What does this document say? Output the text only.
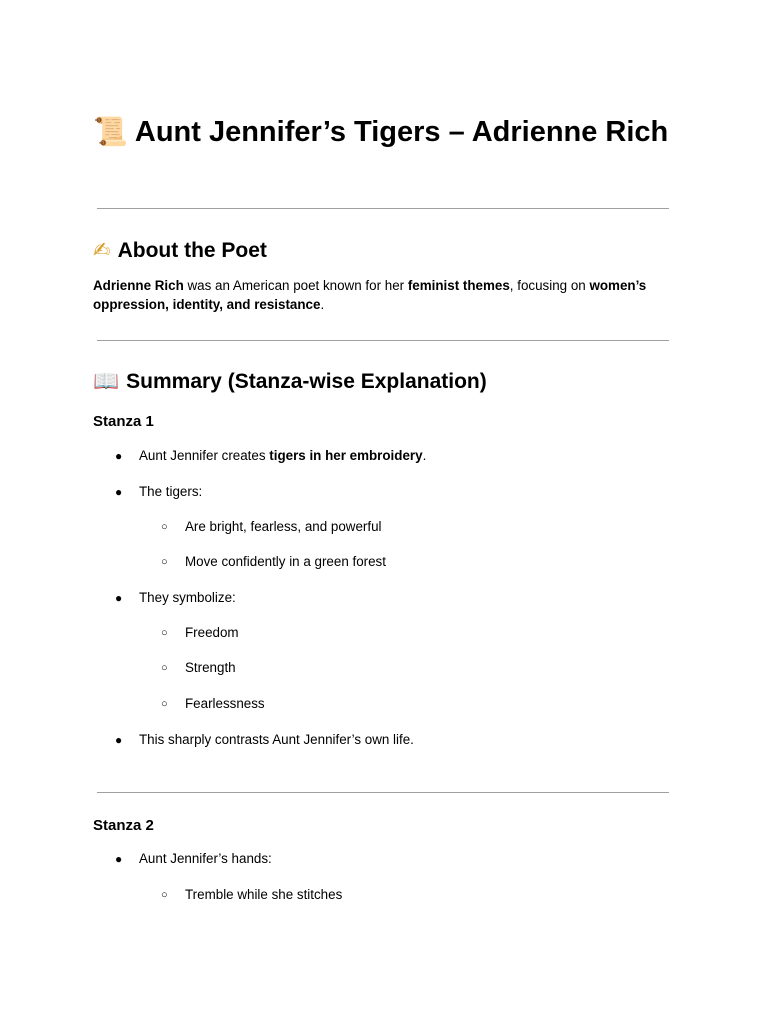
📜 Aunt Jennifer’s Tigers – Adrienne Rich
✍ About the Poet

Adrienne Rich was an American poet known for her feminist themes, focusing on women’s oppression, identity, and resistance.

📖 Summary (Stanza-wise Explanation)
Stanza 1
● Aunt Jennifer creates tigers in her embroidery.
● The tigers:
○ Are bright, fearless, and powerful
○ Move confidently in a green forest
● They symbolize:
○ Freedom
○ Strength
○ Fearlessness
● This sharply contrasts Aunt Jennifer’s own life.
Stanza 2
● Aunt Jennifer’s hands:
○ Tremble while she stitches
